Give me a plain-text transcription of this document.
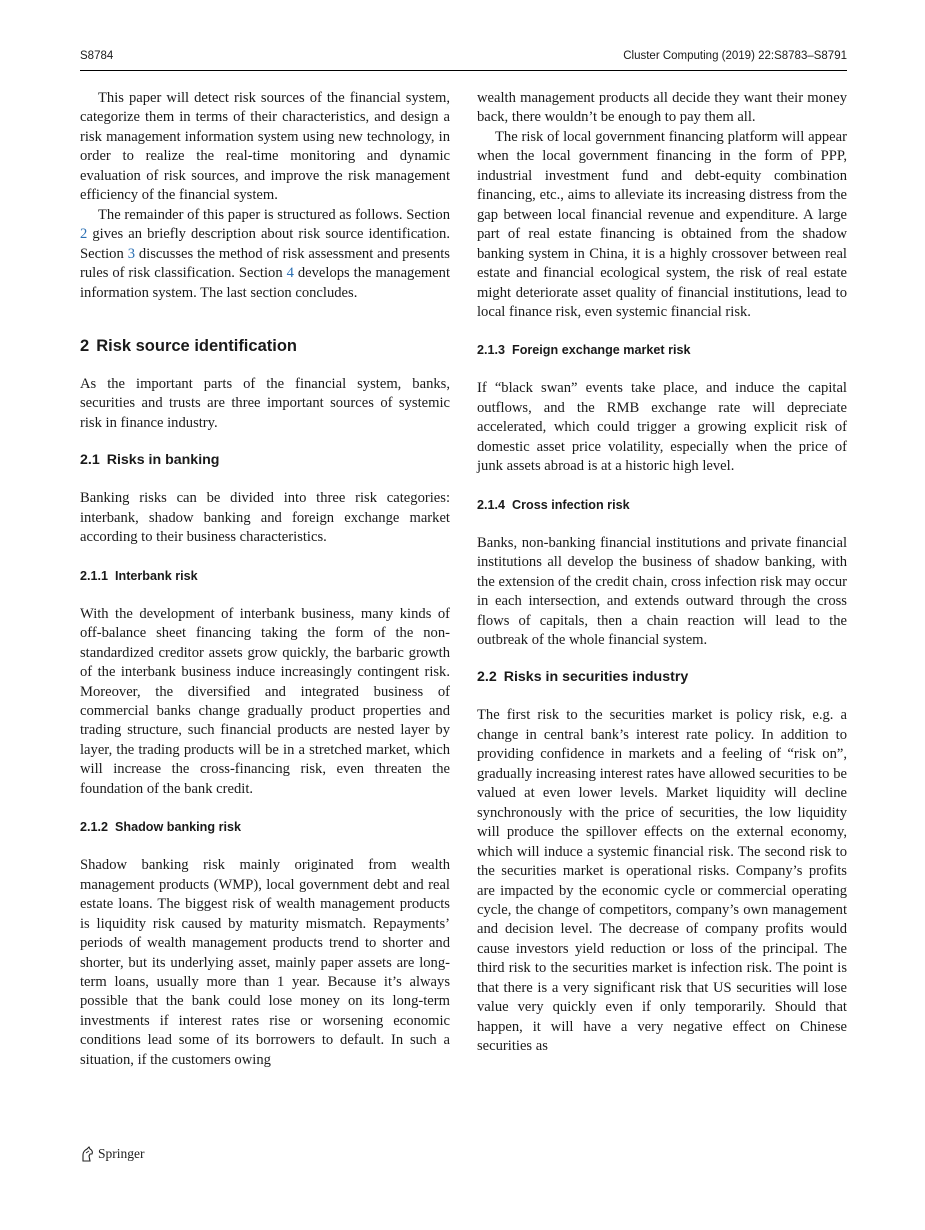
S8784	Cluster Computing (2019) 22:S8783–S8791

This paper will detect risk sources of the financial system, categorize them in terms of their characteristics, and design a risk management information system using new technology, in order to realize the real-time monitoring and dynamic evaluation of risk sources, and improve the risk management efficiency of the financial system.

The remainder of this paper is structured as follows. Section 2 gives an briefly description about risk source identification. Section 3 discusses the method of risk assessment and presents rules of risk classification. Section 4 develops the management information system. The last section concludes.

2 Risk source identification

As the important parts of the financial system, banks, securities and trusts are three important sources of systemic risk in finance industry.

2.1 Risks in banking

Banking risks can be divided into three risk categories: interbank, shadow banking and foreign exchange market according to their business characteristics.

2.1.1 Interbank risk

With the development of interbank business, many kinds of off-balance sheet financing taking the form of the non-standardized creditor assets grow quickly, the barbaric growth of the interbank business induce increasingly contingent risk. Moreover, the diversified and integrated business of commercial banks change gradually product properties and trading structure, such financial products are nested layer by layer, the trading products will be in a stretched market, which will increase the cross-financing risk, even threaten the foundation of the bank credit.

2.1.2 Shadow banking risk

Shadow banking risk mainly originated from wealth management products (WMP), local government debt and real estate loans. The biggest risk of wealth management products is liquidity risk caused by maturity mismatch. Repayments’ periods of wealth management products trend to shorter and shorter, but its underlying asset, mainly paper assets are long-term loans, usually more than 1 year. Because it’s always possible that the bank could lose money on its long-term investments if interest rates rise or worsening economic conditions lead some of its borrowers to default. In such a situation, if the customers owing

wealth management products all decide they want their money back, there wouldn’t be enough to pay them all.

The risk of local government financing platform will appear when the local government financing in the form of PPP, industrial investment fund and debt-equity combination financing, etc., aims to alleviate its increasing distress from the gap between local financial revenue and expenditure. A large part of real estate financing is obtained from the shadow banking system in China, it is a highly crossover between real estate and financial ecological system, the risk of real estate might deteriorate asset quality of financial institutions, lead to local finance risk, even systemic financial risk.

2.1.3 Foreign exchange market risk

If “black swan” events take place, and induce the capital outflows, and the RMB exchange rate will depreciate accelerated, which could trigger a growing explicit risk of domestic asset price volatility, especially when the price of junk assets abroad is at a historic high level.

2.1.4 Cross infection risk

Banks, non-banking financial institutions and private financial institutions all develop the business of shadow banking, with the extension of the credit chain, cross infection risk may occur in each intersection, and extends outward through the cross flows of capitals, then a chain reaction will lead to the outbreak of the whole financial system.

2.2 Risks in securities industry

The first risk to the securities market is policy risk, e.g. a change in central bank’s interest rate policy. In addition to providing confidence in markets and a feeling of “risk on”, gradually increasing interest rates have allowed securities to be valued at even lower levels. Market liquidity will decline synchronously with the price of securities, the low liquidity will produce the spillover effects on the external economy, which will induce a systemic financial risk. The second risk to the securities market is operational risks. Company’s profits are impacted by the economic cycle or commercial operating cycle, the change of competitors, company’s own management and decision level. The decrease of company profits would cause investors yield reduction or loss of the principal. The third risk to the securities market is infection risk. The point is that there is a very significant risk that US securities will lose value very quickly even if only temporarily. Should that happen, it will have a very negative effect on Chinese securities as

Springer
